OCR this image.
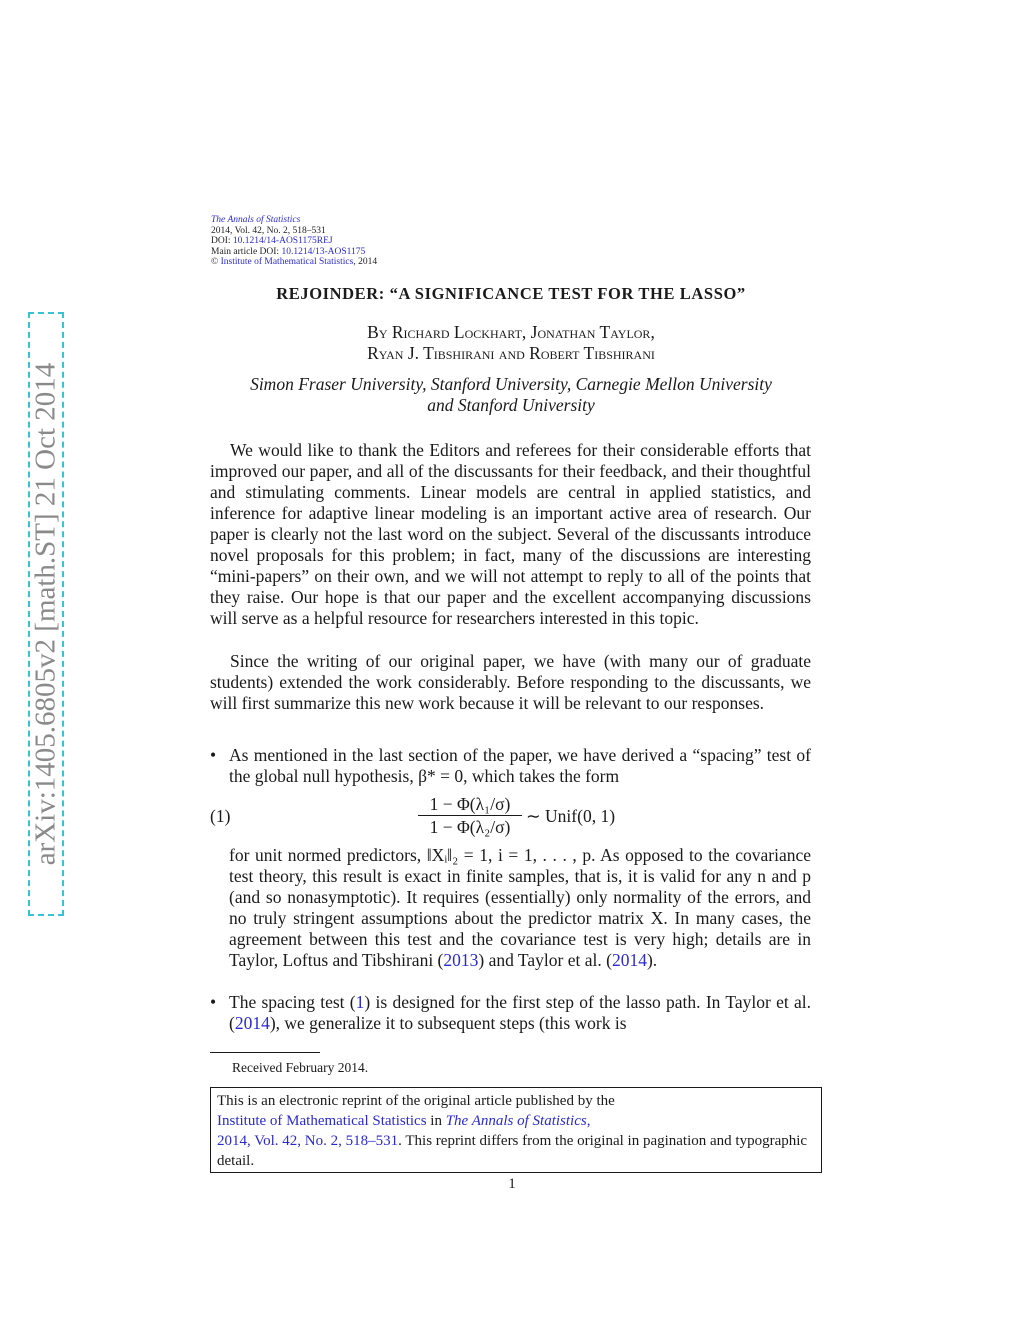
arXiv:1405.6805v2 [math.ST] 21 Oct 2014
The Annals of Statistics
2014, Vol. 42, No. 2, 518–531
DOI: 10.1214/14-AOS1175REJ
Main article DOI: 10.1214/13-AOS1175
© Institute of Mathematical Statistics, 2014
REJOINDER: “A SIGNIFICANCE TEST FOR THE LASSO”
By Richard Lockhart, Jonathan Taylor,
Ryan J. Tibshirani and Robert Tibshirani
Simon Fraser University, Stanford University, Carnegie Mellon University
and Stanford University

We would like to thank the Editors and referees for their considerable efforts that improved our paper, and all of the discussants for their feedback, and their thoughtful and stimulating comments. Linear models are central in applied statistics, and inference for adaptive linear modeling is an important active area of research. Our paper is clearly not the last word on the subject. Several of the discussants introduce novel proposals for this problem; in fact, many of the discussions are interesting “mini-papers” on their own, and we will not attempt to reply to all of the points that they raise. Our hope is that our paper and the excellent accompanying discussions will serve as a helpful resource for researchers interested in this topic.

Since the writing of our original paper, we have (with many our of graduate students) extended the work considerably. Before responding to the discussants, we will first summarize this new work because it will be relevant to our responses.

• As mentioned in the last section of the paper, we have derived a “spacing” test of the global null hypothesis, β* = 0, which takes the form
(1)
1 − Φ(λ₁/σ)
1 − Φ(λ₂/σ)
∼ Unif(0, 1)
for unit normed predictors, ‖Xᵢ‖₂ = 1, i = 1, . . . , p. As opposed to the covariance test theory, this result is exact in finite samples, that is, it is valid for any n and p (and so nonasymptotic). It requires (essentially) only normality of the errors, and no truly stringent assumptions about the predictor matrix X. In many cases, the agreement between this test and the covariance test is very high; details are in Taylor, Loftus and Tibshirani (2013) and Taylor et al. (2014).
• The spacing test (1) is designed for the first step of the lasso path. In Taylor et al. (2014), we generalize it to subsequent steps (this work is
Received February 2014.
This is an electronic reprint of the original article published by the
Institute of Mathematical Statistics in The Annals of Statistics,
2014, Vol. 42, No. 2, 518–531. This reprint differs from the original in pagination and typographic detail.
1
